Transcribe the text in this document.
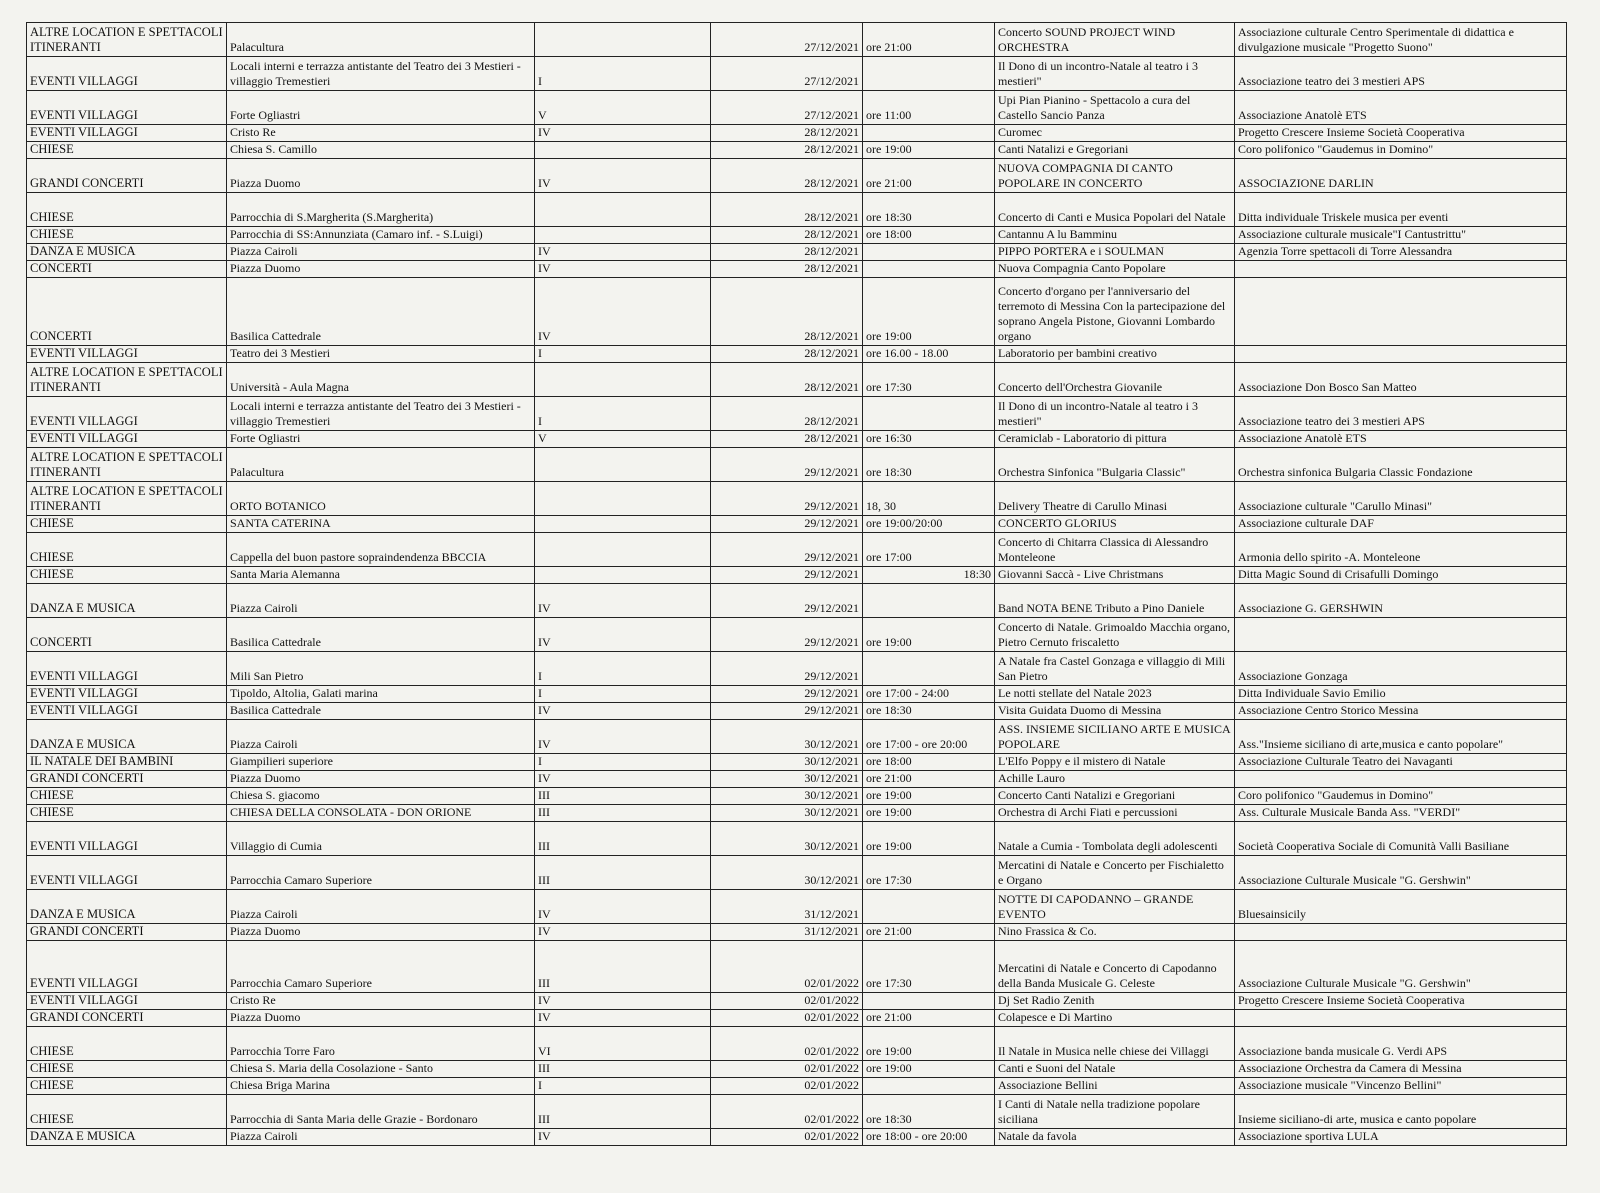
ALTRE LOCATION E SPETTACOLI ITINERANTI	Palacultura		27/12/2021	ore 21:00	Concerto SOUND PROJECT WIND ORCHESTRA	Associazione culturale Centro Sperimentale di didattica e divulgazione musicale "Progetto Suono"
EVENTI VILLAGGI	Locali interni e terrazza antistante del Teatro dei 3 Mestieri - villaggio Tremestieri	I	27/12/2021		Il Dono di un incontro-Natale al teatro i 3 mestieri"	Associazione teatro dei 3 mestieri APS
EVENTI VILLAGGI	Forte Ogliastri	V	27/12/2021	ore 11:00	Upi Pian Pianino - Spettacolo a cura del Castello Sancio Panza	Associazione Anatolè ETS
EVENTI VILLAGGI	Cristo Re	IV	28/12/2021		Curomec	Progetto Crescere Insieme Società Cooperativa
CHIESE	Chiesa S. Camillo		28/12/2021	ore 19:00	Canti Natalizi e Gregoriani	Coro polifonico "Gaudemus in Domino"
GRANDI CONCERTI	Piazza Duomo	IV	28/12/2021	ore 21:00	NUOVA COMPAGNIA DI CANTO POPOLARE IN CONCERTO	ASSOCIAZIONE DARLIN
CHIESE	Parrocchia di S.Margherita (S.Margherita)		28/12/2021	ore 18:30	Concerto di Canti e Musica Popolari del Natale	Ditta individuale Triskele musica per eventi
CHIESE	Parrocchia di SS:Annunziata (Camaro inf. - S.Luigi)		28/12/2021	ore 18:00	Cantannu A lu Bamminu	Associazione culturale musicale"I Cantustrittu"
DANZA E MUSICA	Piazza Cairoli	IV	28/12/2021		PIPPO PORTERA e i SOULMAN	Agenzia Torre spettacoli di Torre Alessandra
CONCERTI	Piazza Duomo	IV	28/12/2021		Nuova Compagnia Canto Popolare	
CONCERTI	Basilica Cattedrale	IV	28/12/2021	ore 19:00	Concerto d'organo per l'anniversario del terremoto di Messina Con la partecipazione del soprano Angela Pistone, Giovanni Lombardo organo	
EVENTI VILLAGGI	Teatro dei 3 Mestieri	I	28/12/2021	ore 16.00 - 18.00	Laboratorio per bambini creativo	
ALTRE LOCATION E SPETTACOLI ITINERANTI	Università - Aula Magna		28/12/2021	ore 17:30	Concerto dell'Orchestra Giovanile	Associazione Don Bosco San Matteo
EVENTI VILLAGGI	Locali interni e terrazza antistante del Teatro dei 3 Mestieri - villaggio Tremestieri	I	28/12/2021		Il Dono di un incontro-Natale al teatro i 3 mestieri"	Associazione teatro dei 3 mestieri APS
EVENTI VILLAGGI	Forte Ogliastri	V	28/12/2021	ore 16:30	Ceramiclab - Laboratorio di pittura	Associazione Anatolè ETS
ALTRE LOCATION E SPETTACOLI ITINERANTI	Palacultura		29/12/2021	ore 18:30	Orchestra Sinfonica "Bulgaria Classic"	Orchestra sinfonica Bulgaria Classic Fondazione
ALTRE LOCATION E SPETTACOLI ITINERANTI	ORTO BOTANICO		29/12/2021	18, 30	Delivery Theatre di Carullo Minasi	Associazione culturale "Carullo Minasi"
CHIESE	SANTA CATERINA		29/12/2021	ore 19:00/20:00	CONCERTO GLORIUS	Associazione culturale DAF
CHIESE	Cappella del buon pastore sopraindendenza BBCCIA		29/12/2021	ore 17:00	Concerto di Chitarra Classica di Alessandro Monteleone	Armonia dello spirito -A. Monteleone
CHIESE	Santa Maria Alemanna		29/12/2021	18:30	Giovanni Saccà - Live Christmans	Ditta Magic Sound di Crisafulli Domingo
DANZA E MUSICA	Piazza Cairoli	IV	29/12/2021		Band NOTA BENE Tributo a Pino Daniele	Associazione G. GERSHWIN
CONCERTI	Basilica Cattedrale	IV	29/12/2021	ore 19:00	Concerto di Natale. Grimoaldo Macchia organo, Pietro Cernuto friscaletto	
EVENTI VILLAGGI	Mili San Pietro	I	29/12/2021		A Natale fra Castel Gonzaga e villaggio di Mili San Pietro	Associazione Gonzaga
EVENTI VILLAGGI	Tipoldo, Altolia, Galati marina	I	29/12/2021	ore 17:00 - 24:00	Le notti stellate del Natale 2023	Ditta Individuale Savio Emilio
EVENTI VILLAGGI	Basilica Cattedrale	IV	29/12/2021	ore 18:30	Visita Guidata Duomo di Messina	Associazione Centro Storico Messina
DANZA E MUSICA	Piazza Cairoli	IV	30/12/2021	ore 17:00 - ore 20:00	ASS. INSIEME SICILIANO ARTE E MUSICA POPOLARE	Ass."Insieme siciliano di arte,musica e canto popolare"
IL NATALE DEI BAMBINI	Giampilieri superiore	I	30/12/2021	ore 18:00	L'Elfo Poppy e il mistero di Natale	Associazione Culturale Teatro dei Navaganti
GRANDI CONCERTI	Piazza Duomo	IV	30/12/2021	ore 21:00	Achille Lauro	
CHIESE	Chiesa S. giacomo	III	30/12/2021	ore 19:00	Concerto Canti Natalizi e Gregoriani	Coro polifonico "Gaudemus in Domino"
CHIESE	CHIESA DELLA CONSOLATA - DON ORIONE	III	30/12/2021	ore 19:00	Orchestra di Archi Fiati e percussioni	Ass. Culturale Musicale Banda Ass. "VERDI"
EVENTI VILLAGGI	Villaggio di Cumia	III	30/12/2021	ore 19:00	Natale a Cumia - Tombolata degli adolescenti	Società Cooperativa Sociale di Comunità Valli Basiliane
EVENTI VILLAGGI	Parrocchia Camaro Superiore	III	30/12/2021	ore 17:30	Mercatini di Natale e Concerto per Fischialetto e Organo	Associazione Culturale Musicale "G. Gershwin"
DANZA E MUSICA	Piazza Cairoli	IV	31/12/2021		NOTTE DI CAPODANNO – GRANDE EVENTO	Bluesainsicily
GRANDI CONCERTI	Piazza Duomo	IV	31/12/2021	ore 21:00	Nino Frassica & Co.	
EVENTI VILLAGGI	Parrocchia Camaro Superiore	III	02/01/2022	ore 17:30	Mercatini di Natale e Concerto di Capodanno della Banda Musicale G. Celeste	Associazione Culturale Musicale "G. Gershwin"
EVENTI VILLAGGI	Cristo Re	IV	02/01/2022		Dj Set Radio Zenith	Progetto Crescere Insieme Società Cooperativa
GRANDI CONCERTI	Piazza Duomo	IV	02/01/2022	ore 21:00	Colapesce e Di Martino	
CHIESE	Parrocchia Torre Faro	VI	02/01/2022	ore 19:00	Il Natale in Musica nelle chiese dei Villaggi	Associazione banda musicale G. Verdi APS
CHIESE	Chiesa S. Maria della Cosolazione - Santo	III	02/01/2022	ore 19:00	Canti e Suoni del Natale	Associazione Orchestra da Camera di Messina
CHIESE	Chiesa Briga Marina	I	02/01/2022		Associazione Bellini	Associazione musicale "Vincenzo Bellini"
CHIESE	Parrocchia di Santa Maria delle Grazie - Bordonaro	III	02/01/2022	ore 18:30	I Canti di Natale nella tradizione popolare siciliana	Insieme siciliano-di arte, musica e canto popolare
DANZA E MUSICA	Piazza Cairoli	IV	02/01/2022	ore 18:00 - ore 20:00	Natale da favola	Associazione sportiva LULA
